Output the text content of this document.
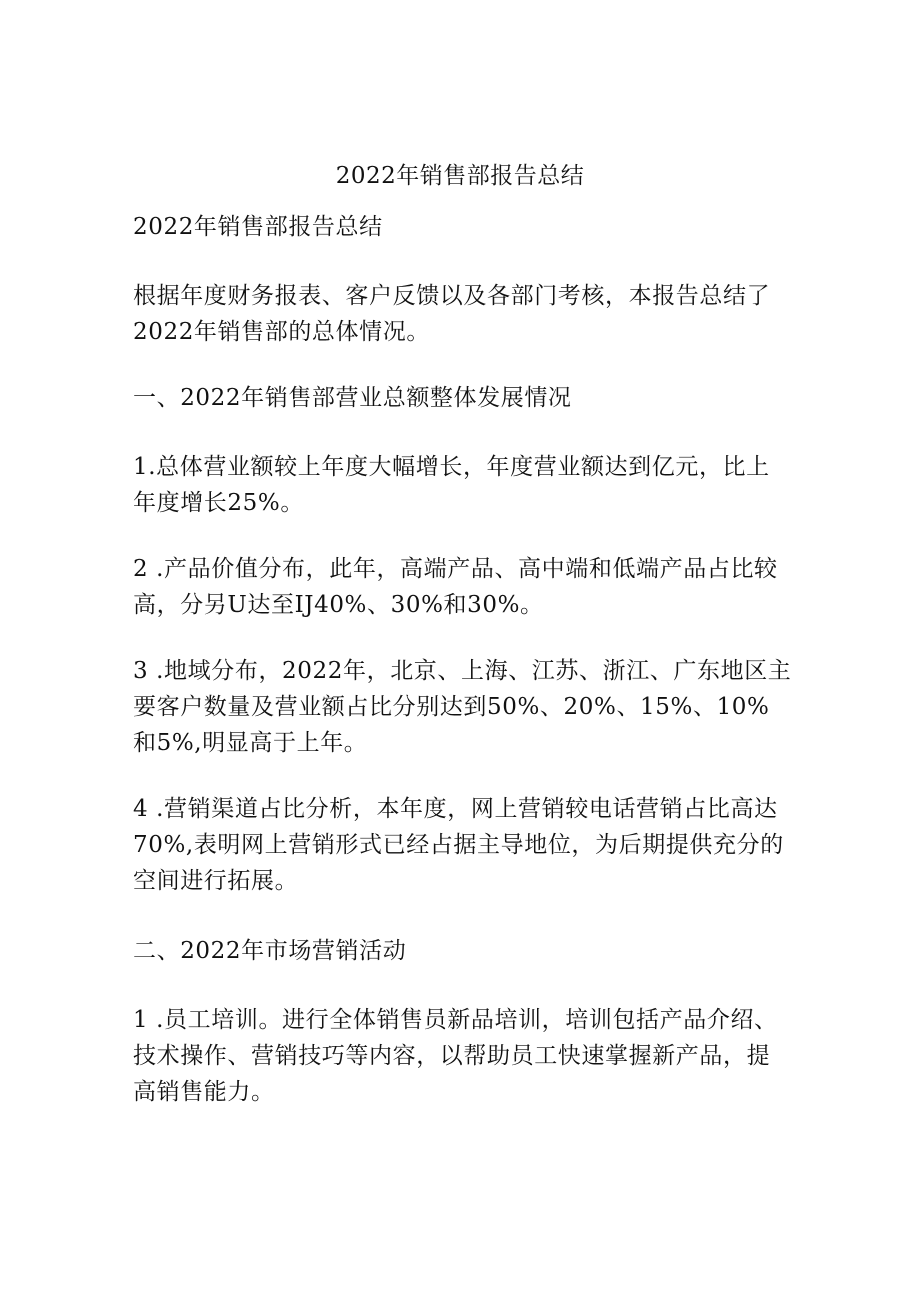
2022年销售部报告总结

2022年销售部报告总结

根据年度财务报表、客户反馈以及各部门考核，本报告总结了2022年销售部的总体情况。

一、2022年销售部营业总额整体发展情况

1.总体营业额较上年度大幅增长，年度营业额达到亿元，比上年度增长25%。

2 .产品价值分布，此年，高端产品、高中端和低端产品占比较高，分另U达至IJ40%、30%和30%。

3 .地域分布，2022年，北京、上海、江苏、浙江、广东地区主要客户数量及营业额占比分别达到50%、20%、15%、10%和5%,明显高于上年。

4 .营销渠道占比分析，本年度，网上营销较电话营销占比高达70%,表明网上营销形式已经占据主导地位，为后期提供充分的空间进行拓展。

二、2022年市场营销活动

1 .员工培训。进行全体销售员新品培训，培训包括产品介绍、技术操作、营销技巧等内容，以帮助员工快速掌握新产品，提高销售能力。
